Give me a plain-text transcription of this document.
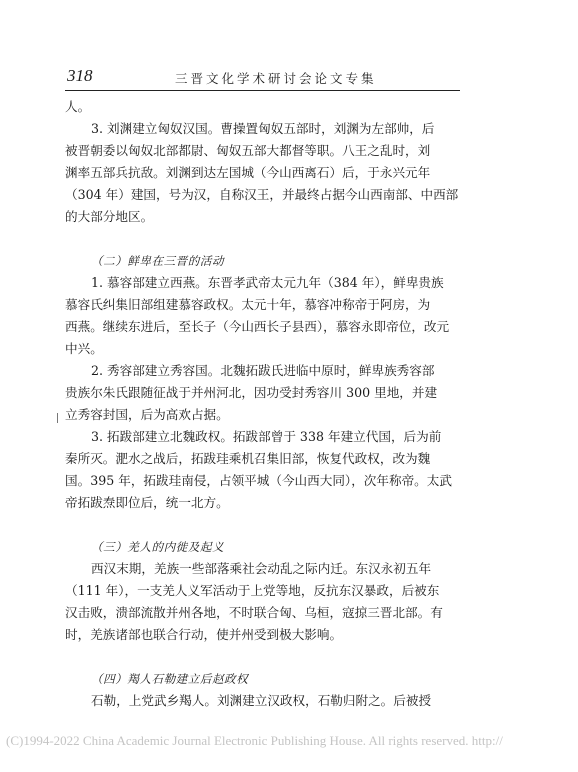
318	三晋文化学术研讨会论文专集
人。
3. 刘渊建立匈奴汉国。曹操置匈奴五部时，刘渊为左部帅，后
被晋朝委以匈奴北部都尉、匈奴五部大都督等职。八王之乱时，刘
渊率五部兵抗敌。刘渊到达左国城（今山西离石）后，于永兴元年
（304 年）建国，号为汉，自称汉王，并最终占据今山西南部、中西部
的大部分地区。
（二）鲜卑在三晋的活动
1. 慕容部建立西燕。东晋孝武帝太元九年（384 年），鲜卑贵族
慕容氏纠集旧部组建慕容政权。太元十年，慕容冲称帝于阿房，为
西燕。继续东进后，至长子（今山西长子县西），慕容永即帝位，改元
中兴。
2. 秀容部建立秀容国。北魏拓跋氏进临中原时，鲜卑族秀容部
贵族尔朱氏跟随征战于并州河北，因功受封秀容川 300 里地，并建
立秀容封国，后为高欢占据。
3. 拓跋部建立北魏政权。拓跋部曾于 338 年建立代国，后为前
秦所灭。淝水之战后，拓跋珪乘机召集旧部，恢复代政权，改为魏
国。395 年，拓跋珪南侵，占领平城（今山西大同），次年称帝。太武
帝拓跋焘即位后，统一北方。
（三）羌人的内徙及起义
西汉末期，羌族一些部落乘社会动乱之际内迁。东汉永初五年
（111 年），一支羌人义军活动于上党等地，反抗东汉暴政，后被东
汉击败，溃部流散并州各地，不时联合匈、乌桓，寇掠三晋北部。有
时，羌族诸部也联合行动，使并州受到极大影响。
（四）羯人石勒建立后赵政权
石勒，上党武乡羯人。刘渊建立汉政权，石勒归附之。后被授
(C)1994-2022 China Academic Journal Electronic Publishing House. All rights reserved. http://
